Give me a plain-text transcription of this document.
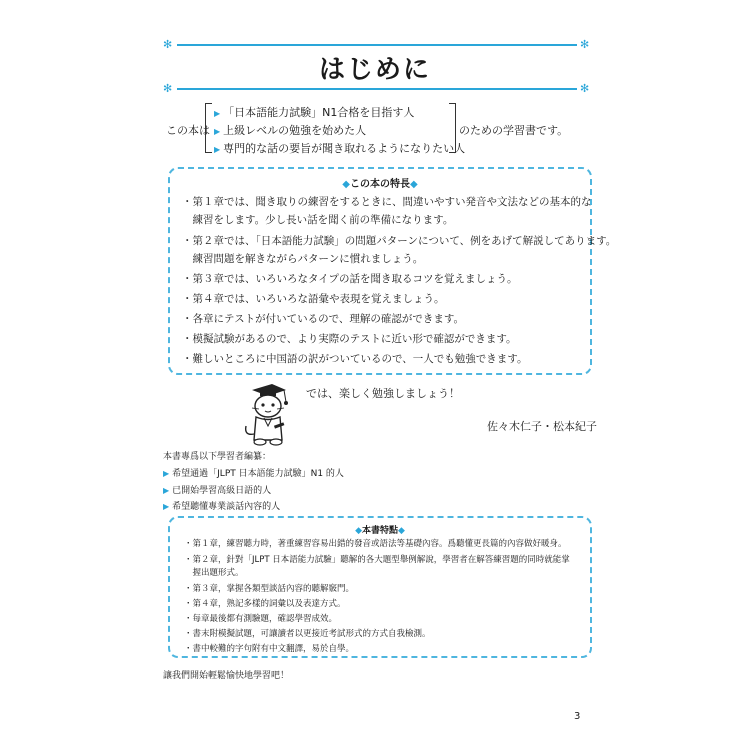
✻	✻
はじめに
✻	✻
この本は
▶ 「日本語能力試験」N1合格を目指す人
▶ 上級レベルの勉強を始めた人
▶ 専門的な話の要旨が聞き取れるようになりたい人
のための学習書です。
◆この本の特長◆
・第１章では、聞き取りの練習をするときに、間違いやすい発音や文法などの基本的な
　練習をします。少し長い話を聞く前の準備になります。
・第２章では、「日本語能力試験」の問題パターンについて、例をあげて解説してあります。
　練習問題を解きながらパターンに慣れましょう。
・第３章では、いろいろなタイプの話を聞き取るコツを覚えましょう。
・第４章では、いろいろな語彙や表現を覚えましょう。
・各章にテストが付いているので、理解の確認ができます。
・模擬試験があるので、より実際のテストに近い形で確認ができます。
・難しいところに中国語の訳がついているので、一人でも勉強できます。
では、楽しく勉強しましょう！
佐々木仁子・松本紀子
本書專爲以下學習者編纂：
▶ 希望通過「JLPT 日本語能力試驗」N1 的人
▶ 已開始學習高級日語的人
▶ 希望聽懂專業談話內容的人
◆本書特點◆
・第１章，練習聽力時，著重練習容易出錯的發音或語法等基礎內容。爲聽懂更長篇的內容做好暖身。
・第２章，針對「JLPT 日本語能力試驗」聽解的各大題型舉例解說，學習者在解答練習題的同時就能掌
　握出題形式。
・第３章，掌握各類型談話內容的聽解竅門。
・第４章，熟記多樣的詞彙以及表達方式。
・每章最後都有測驗題，確認學習成效。
・書末附模擬試題，可讓讀者以更接近考試形式的方式自我檢測。
・書中較難的字句附有中文翻譯，易於自學。
讓我們開始輕鬆愉快地學習吧！
3
